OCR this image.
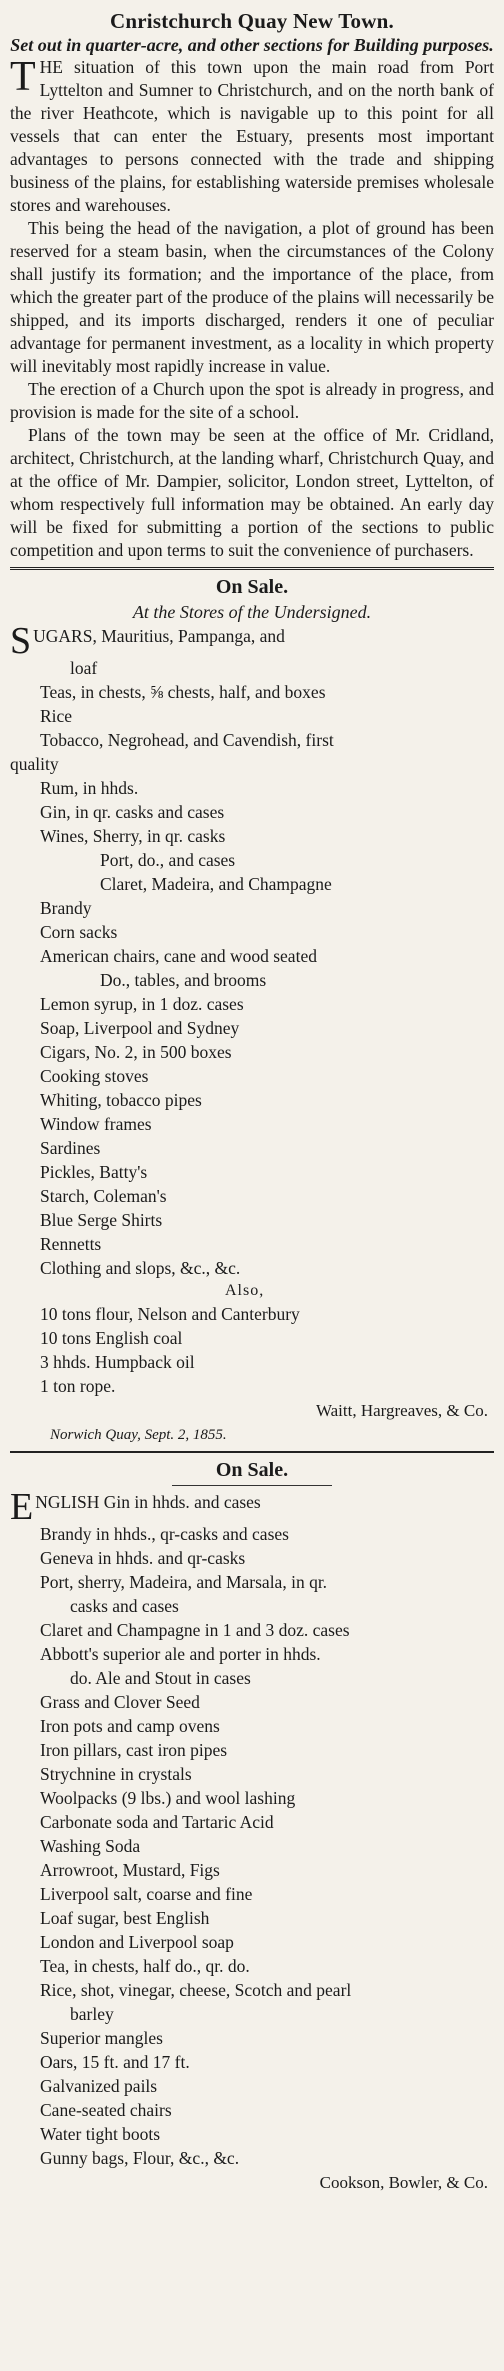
Cnristchurch Quay New Town.
Set out in quarter-acre, and other sections for Building purposes.

THE situation of this town upon the main road from Port Lyttelton and Sumner to Christchurch, and on the north bank of the river Heathcote, which is navigable up to this point for all vessels that can enter the Estuary, presents most important advantages to persons connected with the trade and shipping business of the plains, for establishing waterside premises wholesale stores and warehouses.

This being the head of the navigation, a plot of ground has been reserved for a steam basin, when the circumstances of the Colony shall justify its formation; and the importance of the place, from which the greater part of the produce of the plains will necessarily be shipped, and its imports discharged, renders it one of peculiar advantage for permanent investment, as a locality in which property will inevitably most rapidly increase in value.

The erection of a Church upon the spot is already in progress, and provision is made for the site of a school.

Plans of the town may be seen at the office of Mr. Cridland, architect, Christchurch, at the landing wharf, Christchurch Quay, and at the office of Mr. Dampier, solicitor, London street, Lyttelton, of whom respectively full information may be obtained. An early day will be fixed for submitting a portion of the sections to public competition and upon terms to suit the convenience of purchasers.

On Sale.
At the Stores of the Undersigned.
SUGARS, Mauritius, Pampanga, and
loaf
Teas, in chests, ⅝ chests, half, and boxes
Rice
Tobacco, Negrohead, and Cavendish, first
quality
Rum, in hhds.
Gin, in qr. casks and cases
Wines, Sherry, in qr. casks
Port, do., and cases
Claret, Madeira, and Champagne
Brandy
Corn sacks
American chairs, cane and wood seated
Do., tables, and brooms
Lemon syrup, in 1 doz. cases
Soap, Liverpool and Sydney
Cigars, No. 2, in 500 boxes
Cooking stoves
Whiting, tobacco pipes
Window frames
Sardines
Pickles, Batty's
Starch, Coleman's
Blue Serge Shirts
Rennetts
Clothing and slops, &c., &c.
Also,
10 tons flour, Nelson and Canterbury
10 tons English coal
3 hhds. Humpback oil
1 ton rope.
Waitt, Hargreaves, & Co.
Norwich Quay, Sept. 2, 1855.
On Sale.
ENGLISH Gin in hhds. and cases
Brandy in hhds., qr-casks and cases
Geneva in hhds. and qr-casks
Port, sherry, Madeira, and Marsala, in qr.
casks and cases
Claret and Champagne in 1 and 3 doz. cases
Abbott's superior ale and porter in hhds.
do. Ale and Stout in cases
Grass and Clover Seed
Iron pots and camp ovens
Iron pillars, cast iron pipes
Strychnine in crystals
Woolpacks (9 lbs.) and wool lashing
Carbonate soda and Tartaric Acid
Washing Soda
Arrowroot, Mustard, Figs
Liverpool salt, coarse and fine
Loaf sugar, best English
London and Liverpool soap
Tea, in chests, half do., qr. do.
Rice, shot, vinegar, cheese, Scotch and pearl
barley
Superior mangles
Oars, 15 ft. and 17 ft.
Galvanized pails
Cane-seated chairs
Water tight boots
Gunny bags, Flour, &c., &c.
Cookson, Bowler, & Co.
